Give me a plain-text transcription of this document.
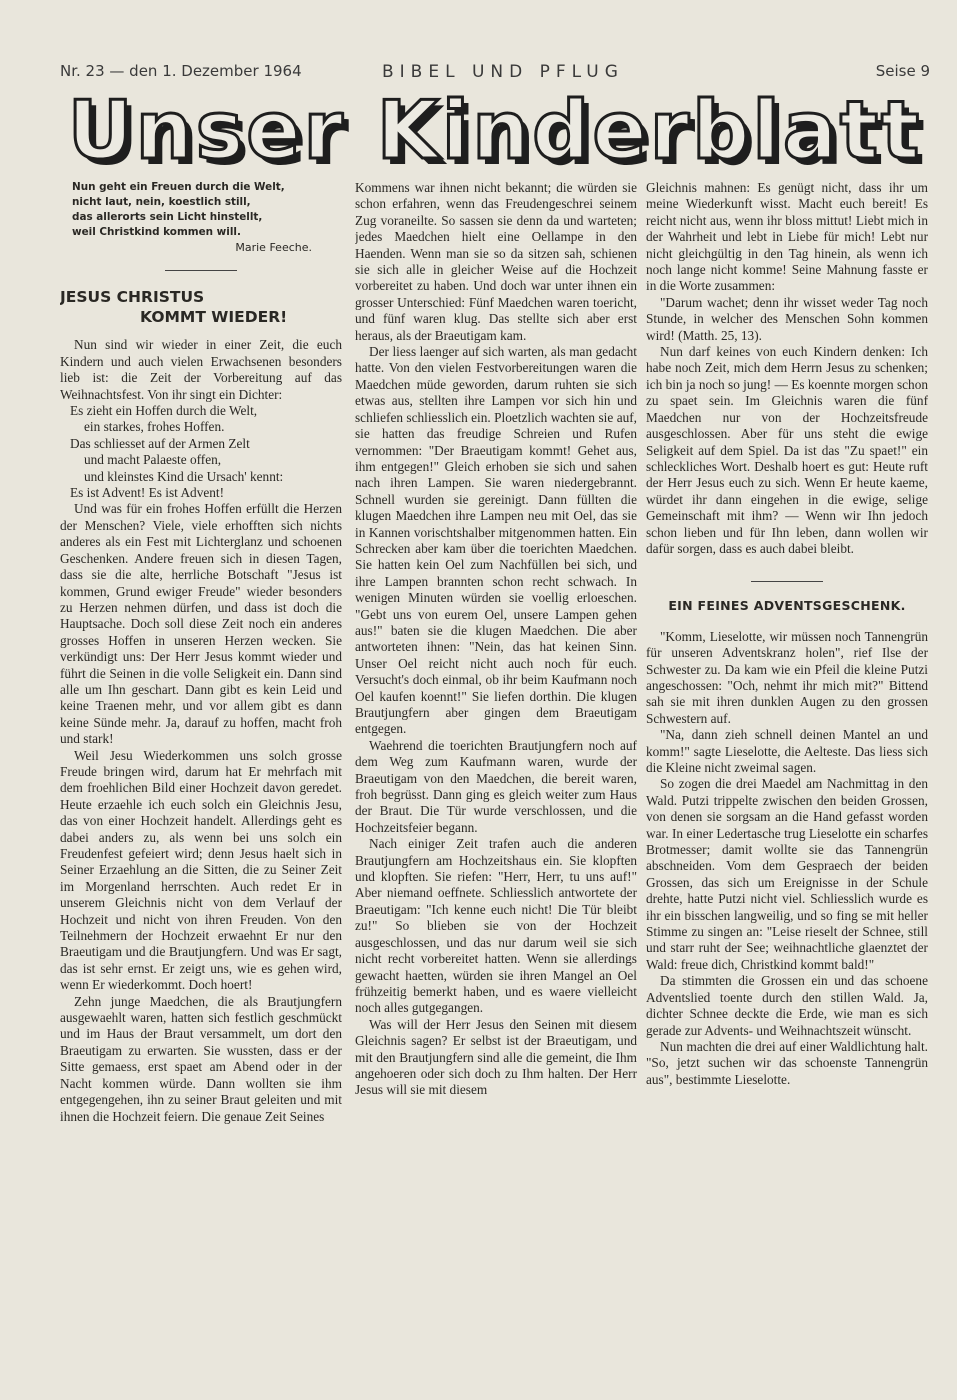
Nr. 23 — den 1. Dezember 1964	BIBEL UND PFLUG	Seise 9
Unser Kinderblatt
Nun geht ein Freuen durch die Welt,
nicht laut, nein, koestlich still,
das allerorts sein Licht hinstellt,
weil Christkind kommen will.
Marie Feeche.
JESUS CHRISTUS
KOMMT WIEDER!

Nun sind wir wieder in einer Zeit, die euch Kindern und auch vielen Erwachsenen besonders lieb ist: die Zeit der Vorbereitung auf das Weihnachtsfest. Von ihr singt ein Dichter:

Es zieht ein Hoffen durch die Welt,
ein starkes, frohes Hoffen.
Das schliesset auf der Armen Zelt
und macht Palaeste offen,
und kleinstes Kind die Ursach' kennt:
Es ist Advent! Es ist Advent!

Und was für ein frohes Hoffen erfüllt die Herzen der Menschen? Viele, viele erhofften sich nichts anderes als ein Fest mit Lichterglanz und schoenen Geschenken. Andere freuen sich in diesen Tagen, dass sie die alte, herrliche Botschaft "Jesus ist kommen, Grund ewiger Freude" wieder besonders zu Herzen nehmen dürfen, und dass ist doch die Hauptsache. Doch soll diese Zeit noch ein anderes grosses Hoffen in unseren Herzen wecken. Sie verkündigt uns: Der Herr Jesus kommt wieder und führt die Seinen in die volle Seligkeit ein. Dann sind alle um Ihn geschart. Dann gibt es kein Leid und keine Traenen mehr, und vor allem gibt es dann keine Sünde mehr. Ja, darauf zu hoffen, macht froh und stark!

Weil Jesu Wiederkommen uns solch grosse Freude bringen wird, darum hat Er mehrfach mit dem froehlichen Bild einer Hochzeit davon geredet. Heute erzaehle ich euch solch ein Gleichnis Jesu, das von einer Hochzeit handelt. Allerdings geht es dabei anders zu, als wenn bei uns solch ein Freudenfest gefeiert wird; denn Jesus haelt sich in Seiner Erzaehlung an die Sitten, die zu Seiner Zeit im Morgenland herrschten. Auch redet Er in unserem Gleichnis nicht von dem Verlauf der Hochzeit und nicht von ihren Freuden. Von den Teilnehmern der Hochzeit erwaehnt Er nur den Braeutigam und die Brautjungfern. Und was Er sagt, das ist sehr ernst. Er zeigt uns, wie es gehen wird, wenn Er wiederkommt. Doch hoert!

Zehn junge Maedchen, die als Brautjungfern ausgewaehlt waren, hatten sich festlich geschmückt und im Haus der Braut versammelt, um dort den Braeutigam zu erwarten. Sie wussten, dass er der Sitte gemaess, erst spaet am Abend oder in der Nacht kommen würde. Dann wollten sie ihm entgegengehen, ihn zu seiner Braut geleiten und mit ihnen die Hochzeit feiern. Die genaue Zeit Seines

Kommens war ihnen nicht bekannt; die würden sie schon erfahren, wenn das Freudengeschrei seinem Zug voraneilte. So sassen sie denn da und warteten; jedes Maedchen hielt eine Oellampe in den Haenden. Wenn man sie so da sitzen sah, schienen sie sich alle in gleicher Weise auf die Hochzeit vorbereitet zu haben. Und doch war unter ihnen ein grosser Unterschied: Fünf Maedchen waren toericht, und fünf waren klug. Das stellte sich aber erst heraus, als der Braeutigam kam.

Der liess laenger auf sich warten, als man gedacht hatte. Von den vielen Festvorbereitungen waren die Maedchen müde geworden, darum ruhten sie sich etwas aus, stellten ihre Lampen vor sich hin und schliefen schliesslich ein. Ploetzlich wachten sie auf, sie hatten das freudige Schreien und Rufen vernommen: "Der Braeutigam kommt! Gehet aus, ihm entgegen!" Gleich erhoben sie sich und sahen nach ihren Lampen. Sie waren niedergebrannt. Schnell wurden sie gereinigt. Dann füllten die klugen Maedchen ihre Lampen neu mit Oel, das sie in Kannen vorischtshalber mitgenommen hatten. Ein Schrecken aber kam über die toerichten Maedchen. Sie hatten kein Oel zum Nachfüllen bei sich, und ihre Lampen brannten schon recht schwach. In wenigen Minuten würden sie voellig erloeschen. "Gebt uns von eurem Oel, unsere Lampen gehen aus!" baten sie die klugen Maedchen. Die aber antworteten ihnen: "Nein, das hat keinen Sinn. Unser Oel reicht nicht auch noch für euch. Versucht's doch einmal, ob ihr beim Kaufmann noch Oel kaufen koennt!" Sie liefen dorthin. Die klugen Brautjungfern aber gingen dem Braeutigam entgegen.

Waehrend die toerichten Brautjungfern noch auf dem Weg zum Kaufmann waren, wurde der Braeutigam von den Maedchen, die bereit waren, froh begrüsst. Dann ging es gleich weiter zum Haus der Braut. Die Tür wurde verschlossen, und die Hochzeitsfeier begann.

Nach einiger Zeit trafen auch die anderen Brautjungfern am Hochzeitshaus ein. Sie klopften und klopften. Sie riefen: "Herr, Herr, tu uns auf!" Aber niemand oeffnete. Schliesslich antwortete der Braeutigam: "Ich kenne euch nicht! Die Tür bleibt zu!" So blieben sie von der Hochzeit ausgeschlossen, und das nur darum weil sie sich nicht recht vorbereitet hatten. Wenn sie allerdings gewacht haetten, würden sie ihren Mangel an Oel frühzeitig bemerkt haben, und es waere vielleicht noch alles gutgegangen.

Was will der Herr Jesus den Seinen mit diesem Gleichnis sagen? Er selbst ist der Braeutigam, und mit den Brautjungfern sind alle die gemeint, die Ihm angehoeren oder sich doch zu Ihm halten. Der Herr Jesus will sie mit diesem

Gleichnis mahnen: Es genügt nicht, dass ihr um meine Wiederkunft wisst. Macht euch bereit! Es reicht nicht aus, wenn ihr bloss mittut! Liebt mich in der Wahrheit und lebt in Liebe für mich! Lebt nur nicht gleichgültig in den Tag hinein, als wenn ich noch lange nicht komme! Seine Mahnung fasste er in die Worte zusammen:

"Darum wachet; denn ihr wisset weder Tag noch Stunde, in welcher des Menschen Sohn kommen wird! (Matth. 25, 13).

Nun darf keines von euch Kindern denken: Ich habe noch Zeit, mich dem Herrn Jesus zu schenken; ich bin ja noch so jung! — Es koennte morgen schon zu spaet sein. Im Gleichnis waren die fünf Maedchen nur von der Hochzeitsfreude ausgeschlossen. Aber für uns steht die ewige Seligkeit auf dem Spiel. Da ist das "Zu spaet!" ein schleckliches Wort. Deshalb hoert es gut: Heute ruft der Herr Jesus euch zu sich. Wenn Er heute kaeme, würdet ihr dann eingehen in die ewige, selige Gemeinschaft mit ihm? — Wenn wir Ihn jedoch schon lieben und für Ihn leben, dann wollen wir dafür sorgen, dass es auch dabei bleibt.

EIN FEINES ADVENTSGESCHENK.

"Komm, Lieselotte, wir müssen noch Tannengrün für unseren Adventskranz holen", rief Ilse der Schwester zu. Da kam wie ein Pfeil die kleine Putzi angeschossen: "Och, nehmt ihr mich mit?" Bittend sah sie mit ihren dunklen Augen zu den grossen Schwestern auf.

"Na, dann zieh schnell deinen Mantel an und komm!" sagte Lieselotte, die Aelteste. Das liess sich die Kleine nicht zweimal sagen.

So zogen die drei Maedel am Nachmittag in den Wald. Putzi trippelte zwischen den beiden Grossen, von denen sie sorgsam an die Hand gefasst worden war. In einer Ledertasche trug Lieselotte ein scharfes Brotmesser; damit wollte sie das Tannengrün abschneiden. Vom dem Gespraech der beiden Grossen, das sich um Ereignisse in der Schule drehte, hatte Putzi nicht viel. Schliesslich wurde es ihr ein bisschen langweilig, und so fing se mit heller Stimme zu singen an: "Leise rieselt der Schnee, still und starr ruht der See; weihnachtliche glaenztet der Wald: freue dich, Christkind kommt bald!"

Da stimmten die Grossen ein und das schoene Adventslied toente durch den stillen Wald. Ja, dichter Schnee deckte die Erde, wie man es sich gerade zur Advents- und Weihnachtszeit wünscht.

Nun machten die drei auf einer Waldlichtung halt. "So, jetzt suchen wir das schoenste Tannengrün aus", bestimmte Lieselotte.
